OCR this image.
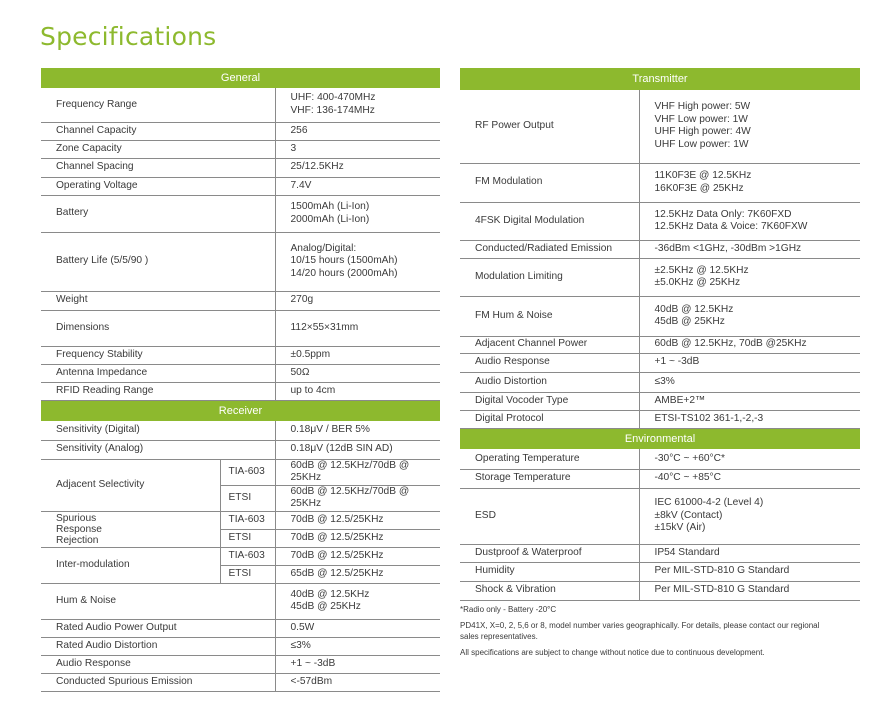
Specifications
General		
Frequency Range		UHF: 400-470MHz
VHF: 136-174MHz
Channel Capacity		256
Zone Capacity		3
Channel Spacing		25/12.5KHz
Operating Voltage		7.4V
Battery		1500mAh (Li-Ion)
2000mAh (Li-Ion)
Battery Life (5/5/90 )		Analog/Digital:
10/15 hours (1500mAh)
14/20 hours (2000mAh)
Weight		270g
Dimensions		112×55×31mm
Frequency Stability		±0.5ppm
Antenna Impedance		50Ω
RFID Reading Range		up to 4cm
Receiver		
Sensitivity (Digital)		0.18μV / BER 5%
Sensitivity (Analog)		0.18μV (12dB SIN AD)
Adjacent Selectivity	TIA-603	60dB @ 12.5KHz/70dB @ 25KHz
	ETSI	60dB @ 12.5KHz/70dB @ 25KHz
Spurious
Response
Rejection	TIA-603	70dB @ 12.5/25KHz
	ETSI	70dB @ 12.5/25KHz
Inter-modulation	TIA-603	70dB @ 12.5/25KHz
	ETSI	65dB @ 12.5/25KHz
Hum & Noise		40dB @ 12.5KHz
45dB @ 25KHz
Rated Audio Power Output		0.5W
Rated Audio Distortion		≤3%
Audio Response		+1 ~ -3dB
Conducted Spurious Emission		<-57dBm
Transmitter	
RF Power Output	VHF High power: 5W
VHF Low power: 1W
UHF High power: 4W
UHF Low power: 1W
FM Modulation	11K0F3E @ 12.5KHz
16K0F3E @ 25KHz
4FSK Digital Modulation	12.5KHz Data Only: 7K60FXD
12.5KHz Data & Voice: 7K60FXW
Conducted/Radiated Emission	-36dBm <1GHz, -30dBm >1GHz
Modulation Limiting	±2.5KHz @ 12.5KHz
±5.0KHz @ 25KHz
FM Hum & Noise	40dB @ 12.5KHz
45dB @ 25KHz
Adjacent Channel Power	60dB @ 12.5KHz, 70dB @25KHz
Audio Response	+1 ~ -3dB
Audio Distortion	≤3%
Digital Vocoder Type	AMBE+2™
Digital Protocol	ETSI-TS102 361-1,-2,-3
Environmental	
Operating Temperature	-30°C ~ +60°C*
Storage Temperature	-40°C ~ +85°C
ESD	IEC 61000-4-2 (Level 4)
±8kV (Contact)
±15kV (Air)
Dustproof & Waterproof	IP54 Standard
Humidity	Per MIL-STD-810 G Standard
Shock & Vibration	Per MIL-STD-810 G Standard

*Radio only - Battery -20°C

PD41X, X=0, 2, 5,6 or 8, model number varies geographically. For details, please contact our regional sales representatives.

All specifications are subject to change without notice due to continuous development.
